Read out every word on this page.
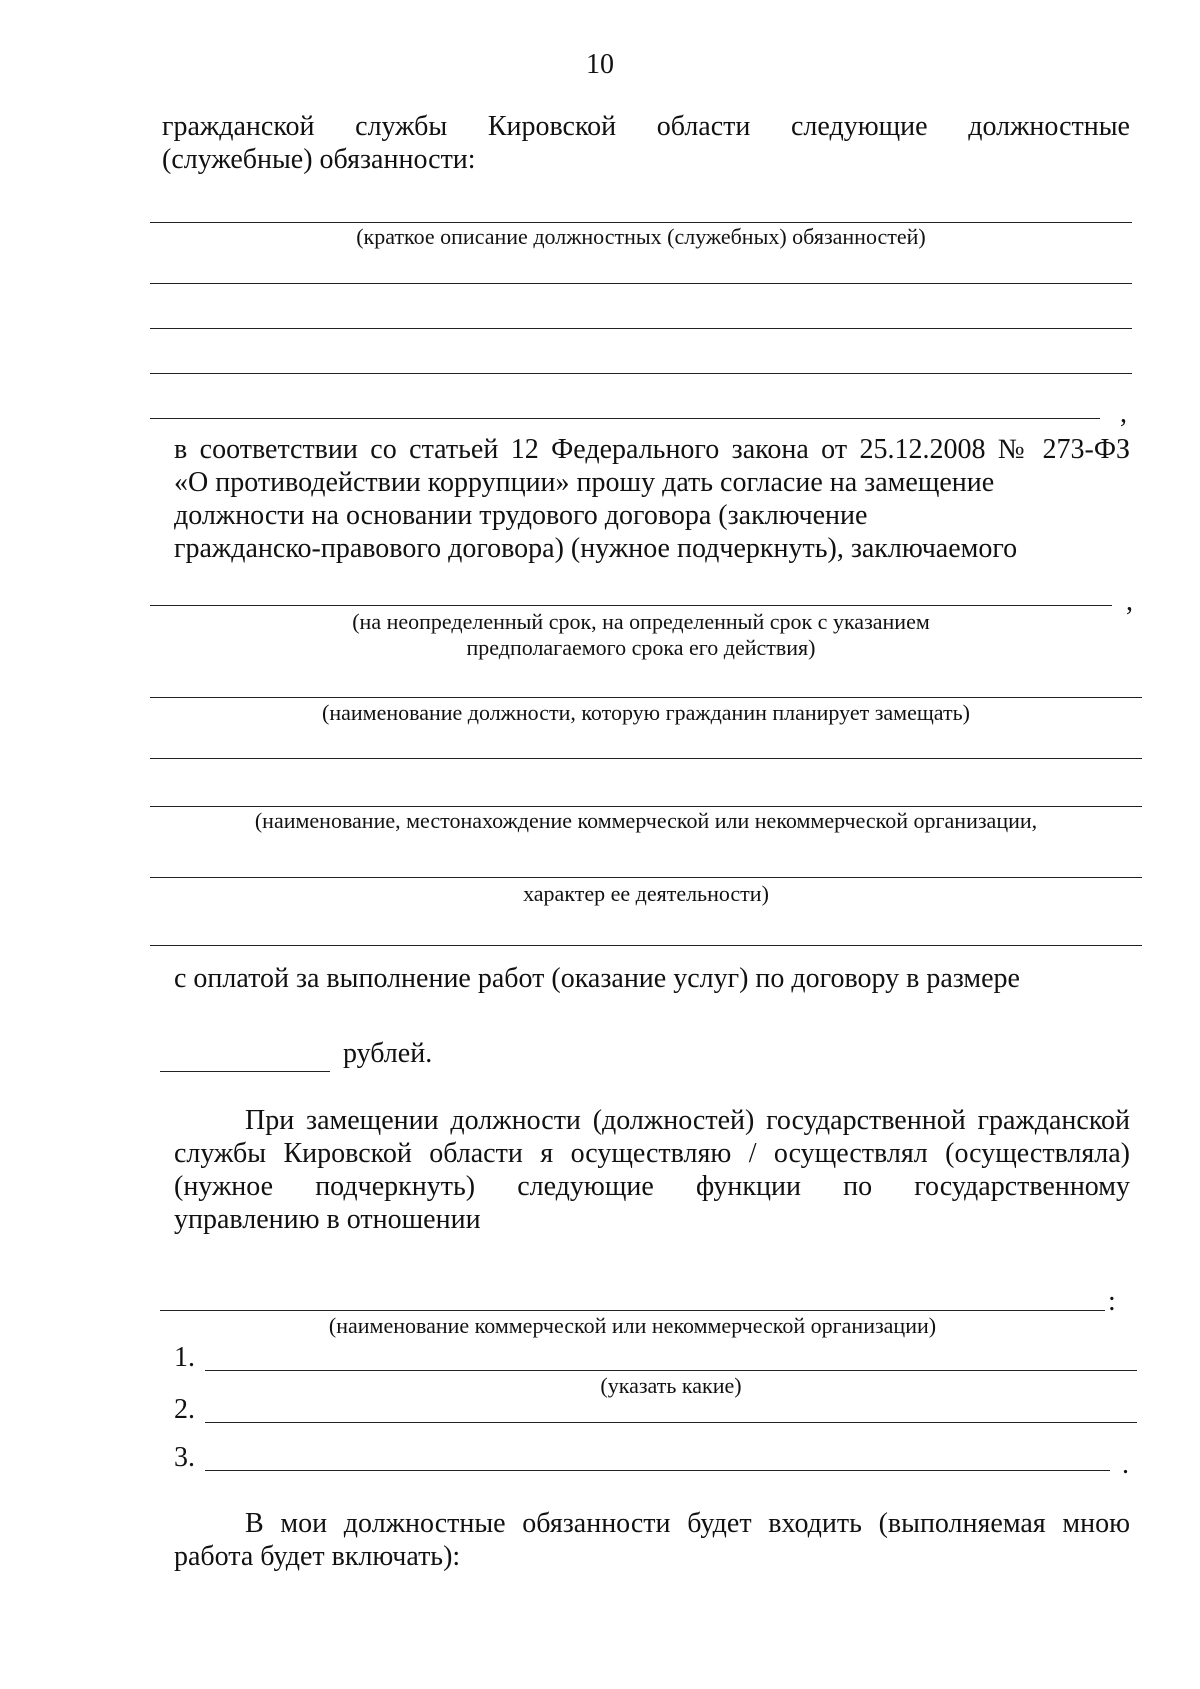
10
гражданской службы Кировской области следующие должностные
(служебные) обязанности:
(краткое описание должностных (служебных) обязанностей)
,
в соответствии со статьей 12 Федерального закона от 25.12.2008 № 273-ФЗ
«О противодействии коррупции» прошу дать согласие на замещение
должности на основании трудового договора (заключение
гражданско-правового договора) (нужное подчеркнуть), заключаемого
,
(на неопределенный срок, на определенный срок с указанием
предполагаемого срока его действия)
(наименование должности, которую гражданин планирует замещать)
(наименование, местонахождение коммерческой или некоммерческой организации,
характер ее деятельности)
с оплатой за выполнение работ (оказание услуг) по договору в размере
рублей.
При замещении должности (должностей) государственной гражданской
службы Кировской области я осуществляю / осуществлял (осуществляла)
(нужное подчеркнуть) следующие функции по государственному
управлению в отношении
:
(наименование коммерческой или некоммерческой организации)
1.
(указать какие)
2.
3.	.
В мои должностные обязанности будет входить (выполняемая мною
работа будет включать):
